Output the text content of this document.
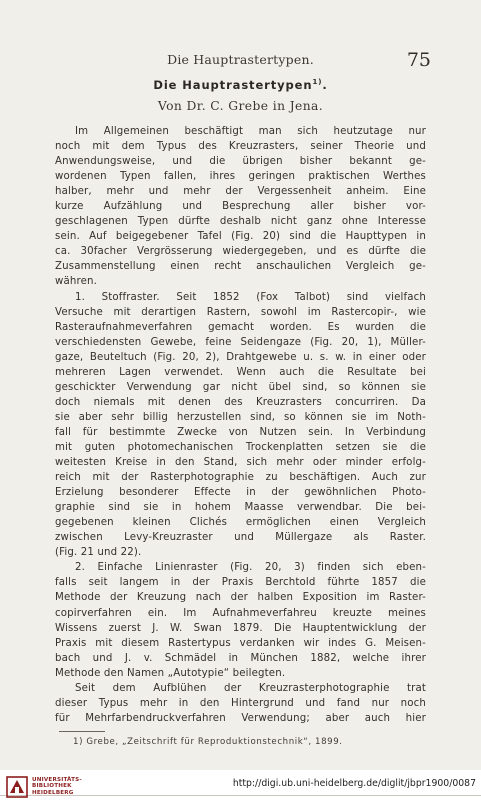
Die Hauptrastertypen.	75
Die Hauptrastertypen$^{1)}$.
Von Dr. C. Grebe in Jena.
Im Allgemeinen beschäftigt man sich heutzutage nur
noch mit dem Typus des Kreuzrasters, seiner Theorie und
Anwendungsweise, und die übrigen bisher bekannt ge-
wordenen Typen fallen, ihres geringen praktischen Werthes
halber, mehr und mehr der Vergessenheit anheim. Eine
kurze Aufzählung und Besprechung aller bisher vor-
geschlagenen Typen dürfte deshalb nicht ganz ohne Interesse
sein. Auf beigegebener Tafel (Fig. 20) sind die Haupttypen in
ca. 30facher Vergrösserung wiedergegeben, und es dürfte die
Zusammenstellung einen recht anschaulichen Vergleich ge-
währen.
1. Stoffraster. Seit 1852 (Fox Talbot) sind vielfach
Versuche mit derartigen Rastern, sowohl im Rastercopir-, wie
Rasteraufnahmeverfahren gemacht worden. Es wurden die
verschiedensten Gewebe, feine Seidengaze (Fig. 20, 1), Müller-
gaze, Beuteltuch (Fig. 20, 2), Drahtgewebe u. s. w. in einer oder
mehreren Lagen verwendet. Wenn auch die Resultate bei
geschickter Verwendung gar nicht übel sind, so können sie
doch niemals mit denen des Kreuzrasters concurriren. Da
sie aber sehr billig herzustellen sind, so können sie im Noth-
fall für bestimmte Zwecke von Nutzen sein. In Verbindung
mit guten photomechanischen Trockenplatten setzen sie die
weitesten Kreise in den Stand, sich mehr oder minder erfolg-
reich mit der Rasterphotographie zu beschäftigen. Auch zur
Erzielung besonderer Effecte in der gewöhnlichen Photo-
graphie sind sie in hohem Maasse verwendbar. Die bei-
gegebenen kleinen Clichés ermöglichen einen Vergleich
zwischen Levy-Kreuzraster und Müllergaze als Raster.
(Fig. 21 und 22).
2. Einfache Linienraster (Fig. 20, 3) finden sich eben-
falls seit langem in der Praxis Berchtold führte 1857 die
Methode der Kreuzung nach der halben Exposition im Raster-
copirverfahren ein. Im Aufnahmeverfahreu kreuzte meines
Wissens zuerst J. W. Swan 1879. Die Hauptentwicklung der
Praxis mit diesem Rastertypus verdanken wir indes G. Meisen-
bach und J. v. Schmädel in München 1882, welche ihrer
Methode den Namen „Autotypie“ beilegten.
Seit dem Aufblühen der Kreuzrasterphotographie trat
dieser Typus mehr in den Hintergrund und fand nur noch
für Mehrfarbendruckverfahren Verwendung; aber auch hier
1) Grebe, „Zeitschrift für Reproduktionstechnik“, 1899.
UNIVERSITÄTS-
BIBLIOTHEK
HEIDELBERG
http://digi.ub.uni-heidelberg.de/diglit/jbpr1900/0087
